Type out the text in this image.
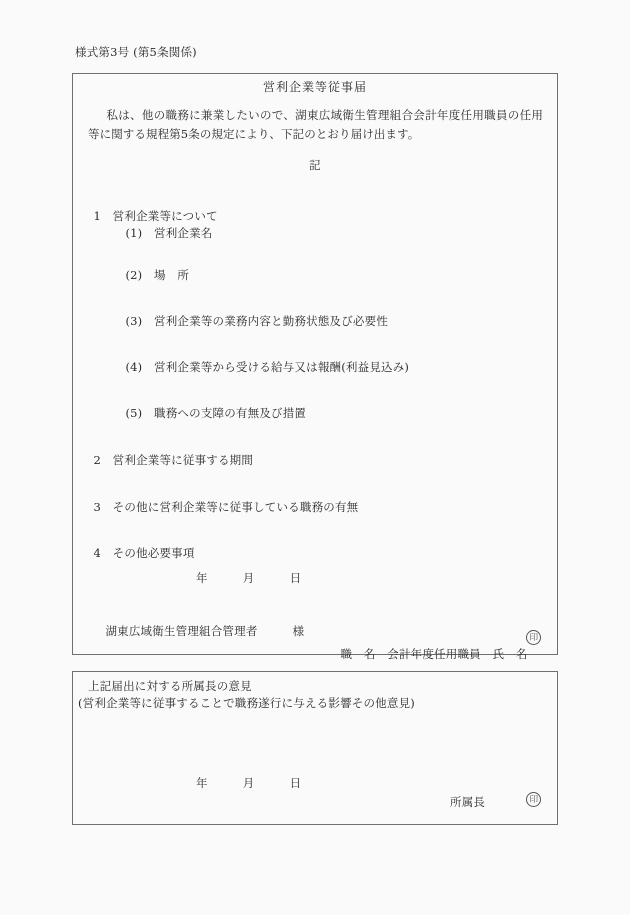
様式第3号 (第5条関係)
営利企業等従事届
私は、他の職務に兼業したいので、湖東広域衛生管理組合会計年度任用職員の任用等に関する規程第5条の規定により、下記のとおり届け出ます。
記

1　 営利企業等について

(1)　 営利企業名

(2)　 場　所

(3)　 営利企業等の業務内容と勤務状態及び必要性

(4)　 営利企業等から受ける給与又は報酬(利益見込み)

(5)　 職務への支障の有無及び措置

2　 営利企業等に従事する期間

3　 その他に営利企業等に従事している職務の有無

4　 その他必要事項

年　　　月　　　日

湖東広域衛生管理組合管理者　　　	様

職　名　 会計年度任用職員　 氏　名

印
上記届出に対する所属長の意見
(営利企業等に従事することで職務遂行に与える影響その他意見)
年　　　月　　　日
所属長	印
